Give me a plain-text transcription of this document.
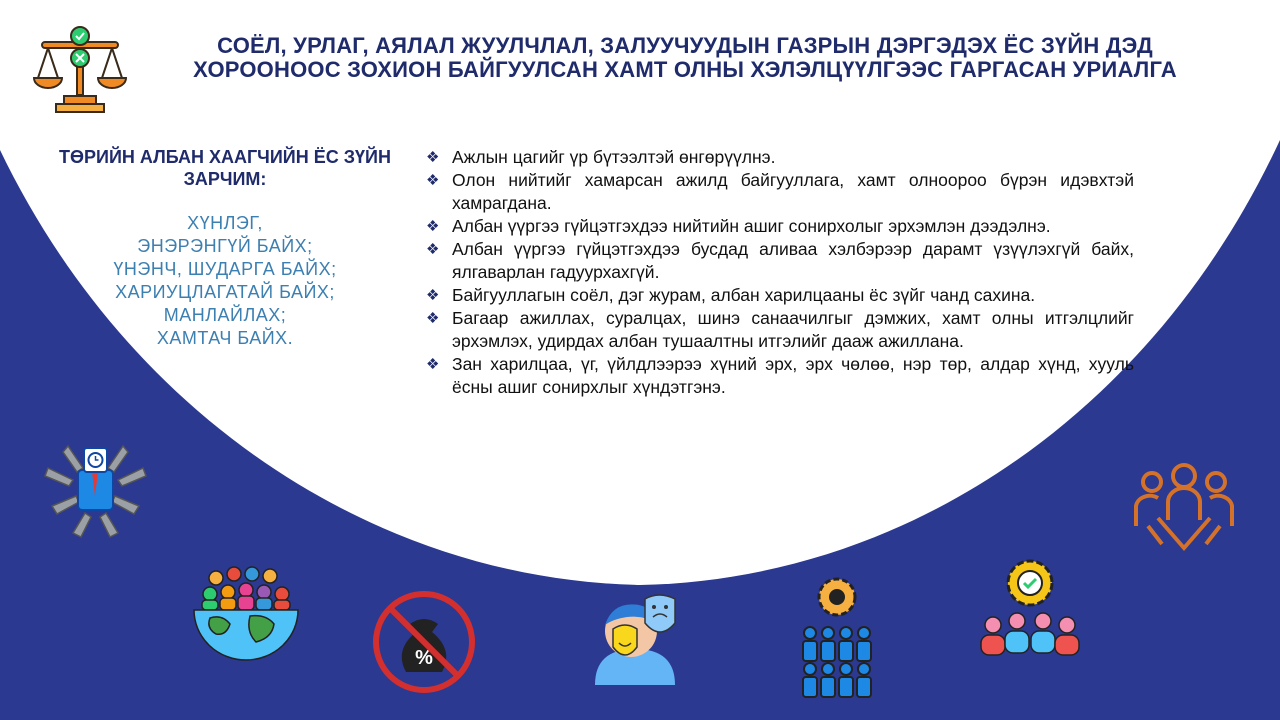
СОЁЛ, УРЛАГ, АЯЛАЛ ЖУУЛЧЛАЛ, ЗАЛУУЧУУДЫН ГАЗРЫН ДЭРГЭДЭХ ЁС ЗҮЙН ДЭД ХОРООНООС ЗОХИОН БАЙГУУЛСАН ХАМТ ОЛНЫ ХЭЛЭЛЦҮҮЛГЭЭС ГАРГАСАН УРИАЛГА
ТӨРИЙН АЛБАН ХААГЧИЙН ЁС ЗҮЙН ЗАРЧИМ:
ХҮНЛЭГ,
ЭНЭРЭНГҮЙ БАЙХ;
ҮНЭНЧ, ШУДАРГА БАЙХ;
ХАРИУЦЛАГАТАЙ БАЙХ;
МАНЛАЙЛАХ;
ХАМТАЧ БАЙХ.
❖ Ажлын цагийг үр бүтээлтэй өнгөрүүлнэ.
❖ Олон нийтийг хамарсан ажилд байгууллага, хамт олноороо бүрэн идэвхтэй хамрагдана.
❖ Албан үүргээ гүйцэтгэхдээ нийтийн ашиг сонирхолыг эрхэмлэн дээдэлнэ.
❖ Албан үүргээ гүйцэтгэхдээ бусдад аливаа хэлбэрээр дарамт үзүүлэхгүй байх, ялгаварлан гадуурхахгүй.
❖ Байгууллагын соёл, дэг журам, албан харилцааны ёс зүйг чанд сахина.
❖ Багаар ажиллах, суралцах, шинэ санаачилгыг дэмжих, хамт олны итгэлцлийг эрхэмлэх, удирдах албан тушаалтны итгэлийг дааж ажиллана.
❖ Зан харилцаа, үг, үйлдлээрээ хүний эрх, эрх чөлөө, нэр төр, алдар хүнд, хууль ёсны ашиг сонирхлыг хүндэтгэнэ.
%
